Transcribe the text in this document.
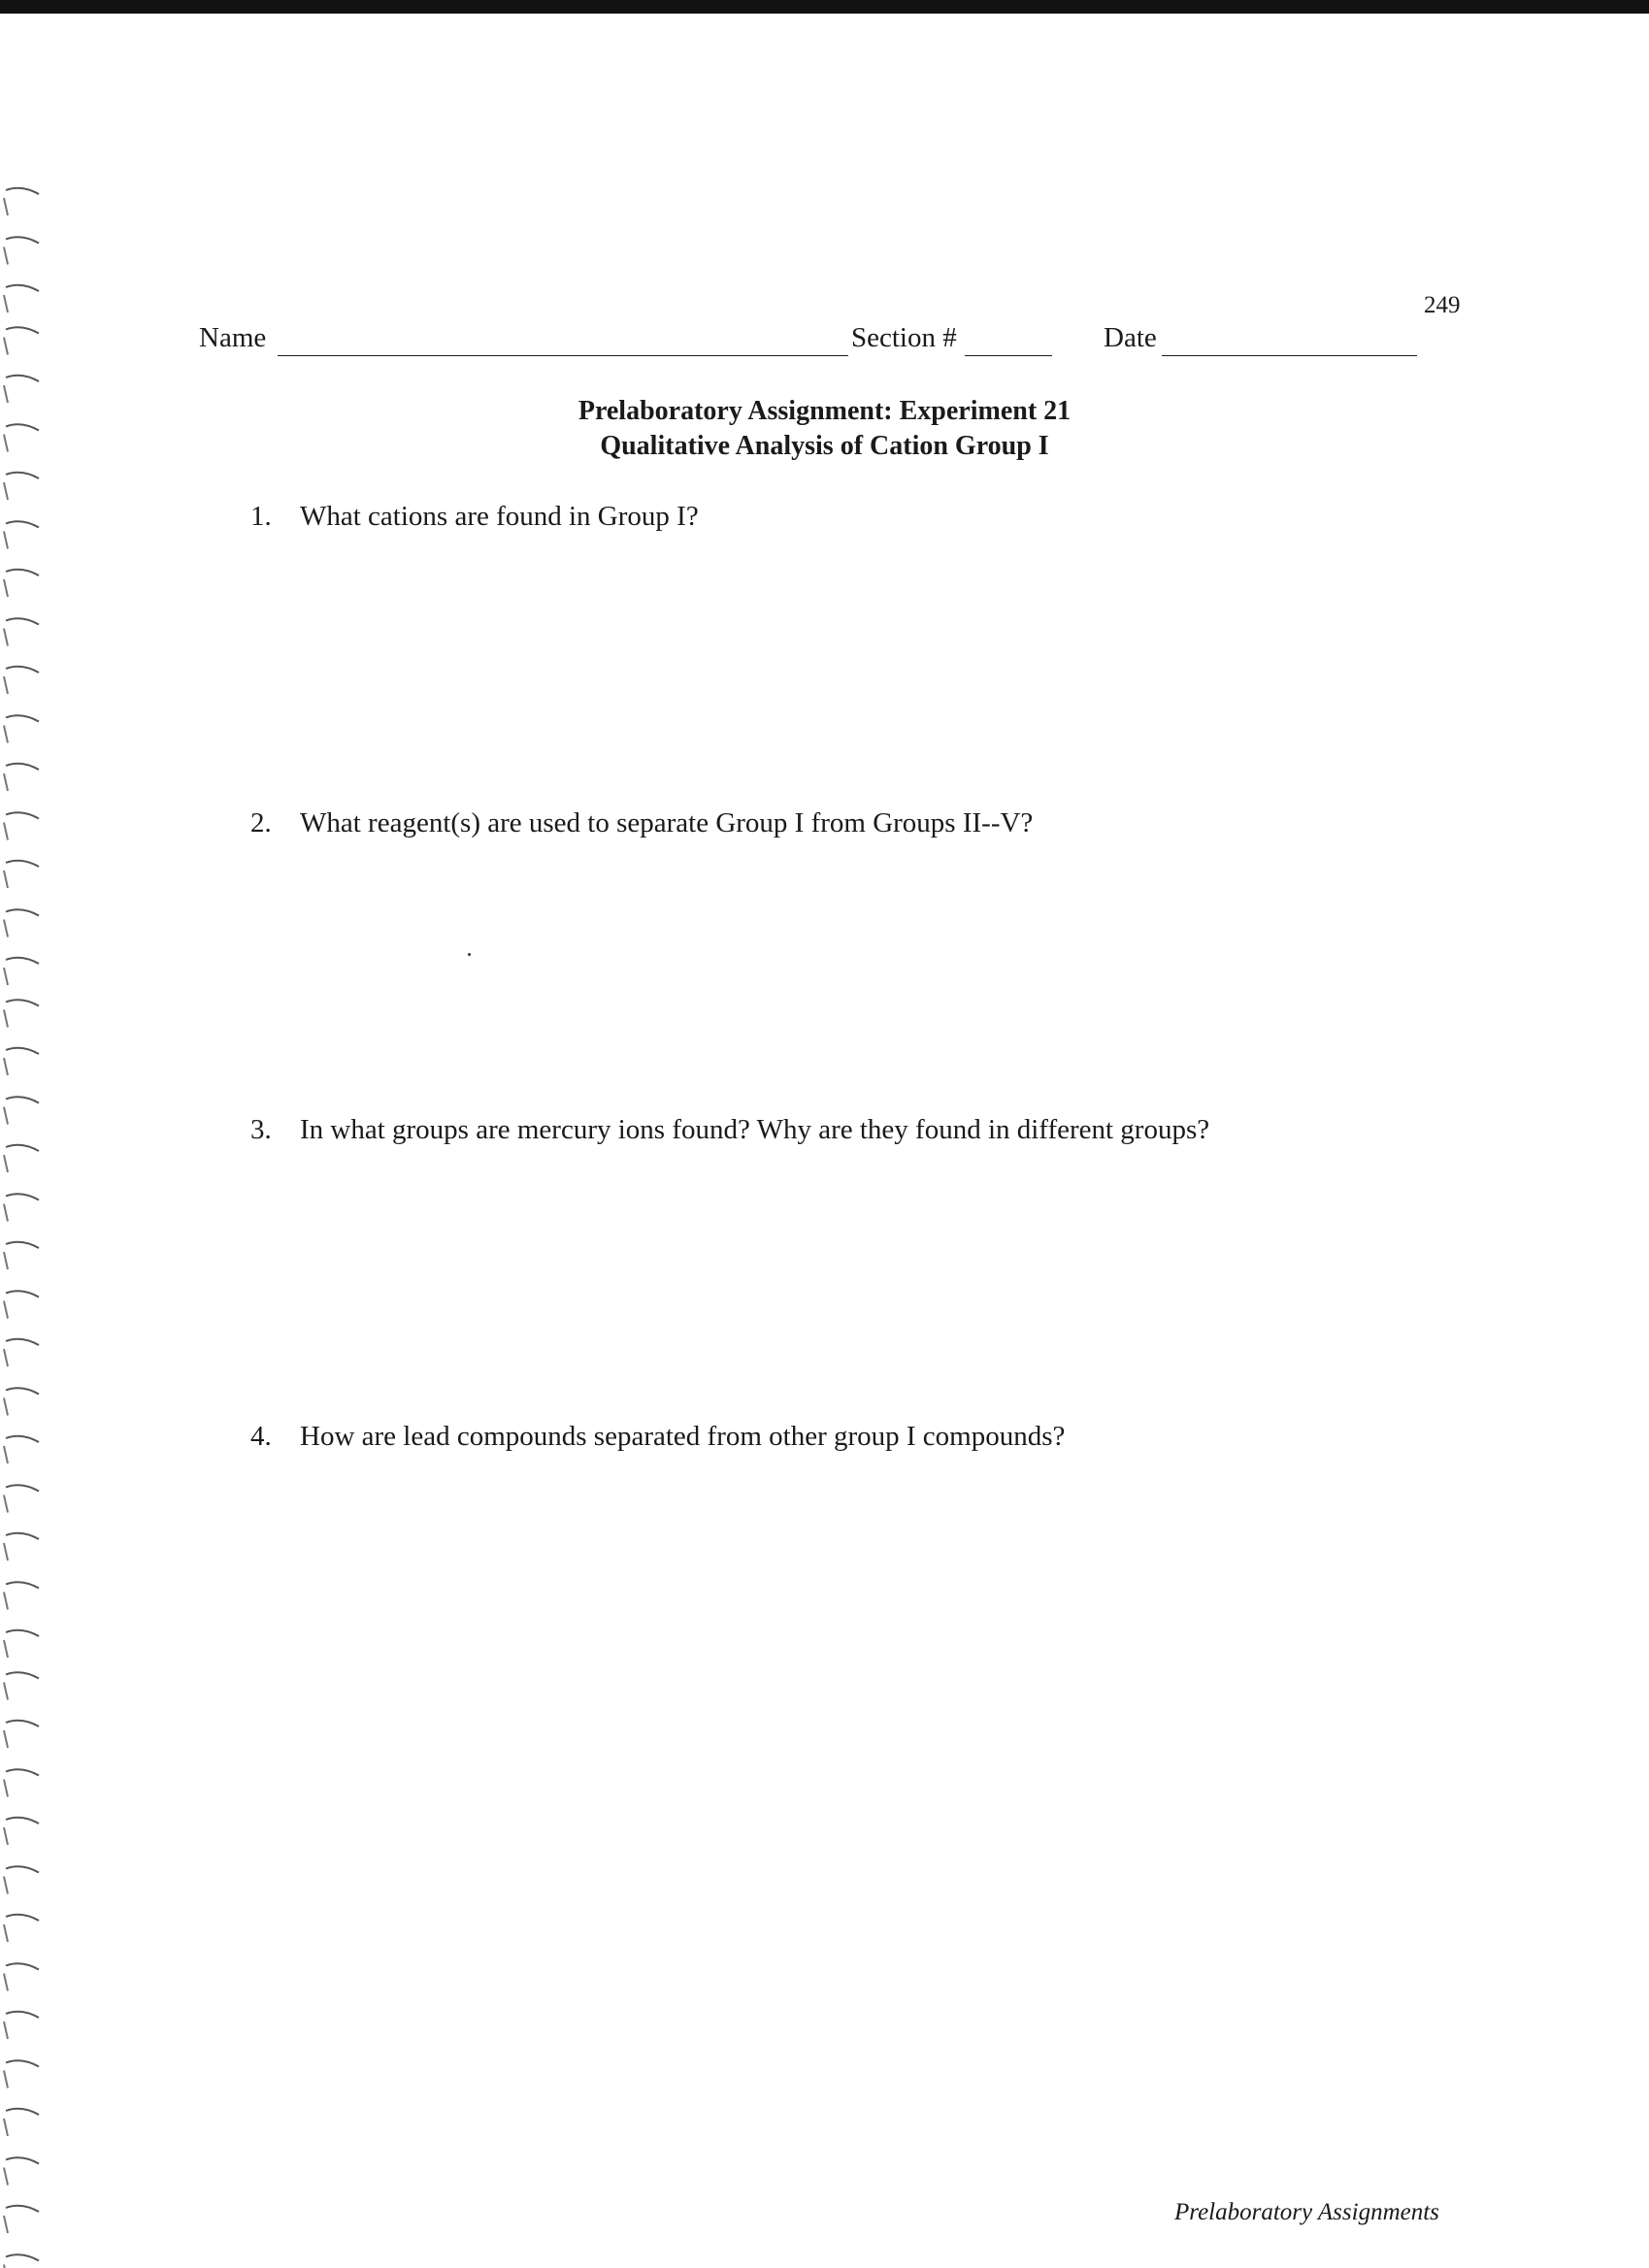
249
Name	Section #	Date
Prelaboratory Assignment: Experiment 21
Qualitative Analysis of Cation Group I
1. What cations are found in Group I?
2. What reagent(s) are used to separate Group I from Groups II--V?
3. In what groups are mercury ions found? Why are they found in different groups?
4. How are lead compounds separated from other group I compounds?
Prelaboratory Assignments
